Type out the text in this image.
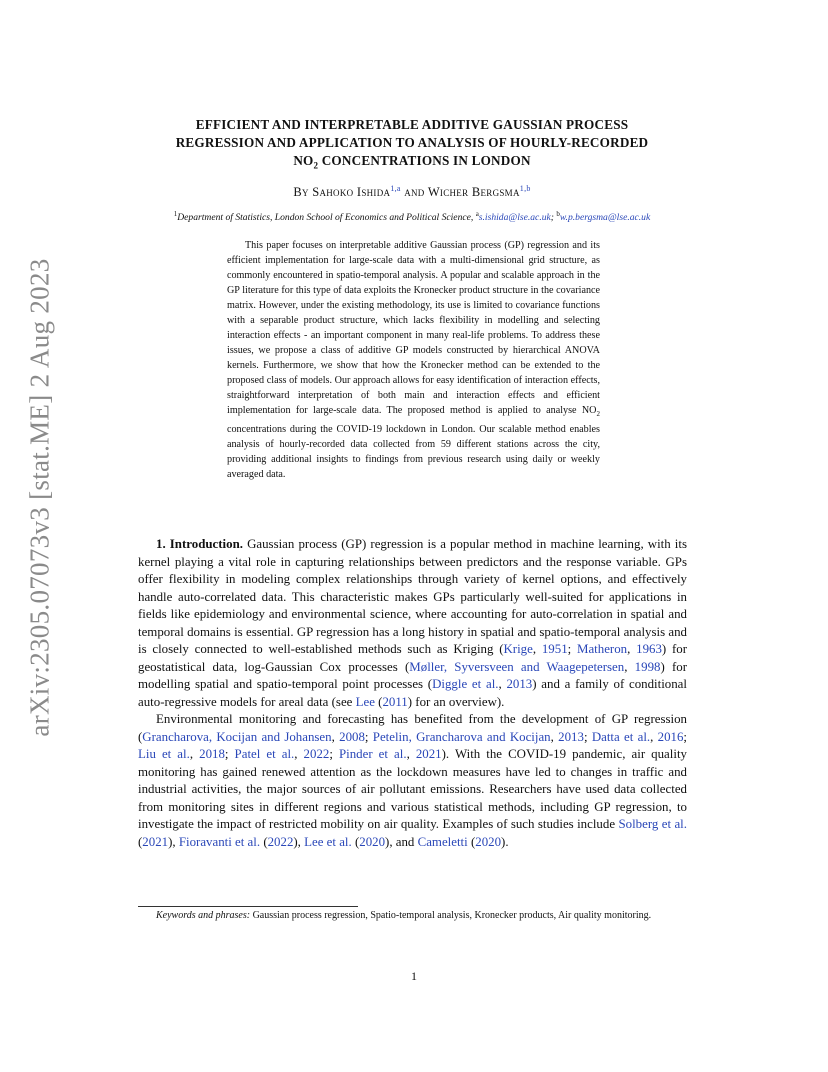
arXiv:2305.07073v3 [stat.ME] 2 Aug 2023
EFFICIENT AND INTERPRETABLE ADDITIVE GAUSSIAN PROCESS
REGRESSION AND APPLICATION TO ANALYSIS OF HOURLY-RECORDED
$NO_2$ CONCENTRATIONS IN LONDON
By Sahoko Ishida$^{1,a}$ and Wicher Bergsma$^{1,b}$
$^1$Department of Statistics, London School of Economics and Political Science, $^a$s.ishida@lse.ac.uk; $^b$w.p.bergsma@lse.ac.uk
This paper focuses on interpretable additive Gaussian process (GP) regression and its efficient implementation for large-scale data with a multi-dimensional grid structure, as commonly encountered in spatio-temporal analysis. A popular and scalable approach in the GP literature for this type of data exploits the Kronecker product structure in the covariance matrix. However, under the existing methodology, its use is limited to covariance functions with a separable product structure, which lacks flexibility in modelling and selecting interaction effects - an important component in many real-life problems. To address these issues, we propose a class of additive GP models constructed by hierarchical ANOVA kernels. Furthermore, we show that how the Kronecker method can be extended to the proposed class of models. Our approach allows for easy identification of interaction effects, straightforward interpretation of both main and interaction effects and efficient implementation for large-scale data. The proposed method is applied to analyse $NO_2$ concentrations during the COVID-19 lockdown in London. Our scalable method enables analysis of hourly-recorded data collected from 59 different stations across the city, providing additional insights to findings from previous research using daily or weekly averaged data.

1. Introduction. Gaussian process (GP) regression is a popular method in machine learning, with its kernel playing a vital role in capturing relationships between predictors and the response variable. GPs offer flexibility in modeling complex relationships through variety of kernel options, and effectively handle auto-correlated data. This characteristic makes GPs particularly well-suited for applications in fields like epidemiology and environmental science, where accounting for auto-correlation in spatial and temporal domains is essential. GP regression has a long history in spatial and spatio-temporal analysis and is closely connected to well-established methods such as Kriging (Krige, 1951; Matheron, 1963) for geostatistical data, log-Gaussian Cox processes (Møller, Syversveen and Waagepetersen, 1998) for modelling spatial and spatio-temporal point processes (Diggle et al., 2013) and a family of conditional auto-regressive models for areal data (see Lee (2011) for an overview).

Environmental monitoring and forecasting has benefited from the development of GP regression (Grancharova, Kocijan and Johansen, 2008; Petelin, Grancharova and Kocijan, 2013; Datta et al., 2016; Liu et al., 2018; Patel et al., 2022; Pinder et al., 2021). With the COVID-19 pandemic, air quality monitoring has gained renewed attention as the lockdown measures have led to changes in traffic and industrial activities, the major sources of air pollutant emissions. Researchers have used data collected from monitoring sites in different regions and various statistical methods, including GP regression, to investigate the impact of restricted mobility on air quality. Examples of such studies include Solberg et al. (2021), Fioravanti et al. (2022), Lee et al. (2020), and Cameletti (2020).

Keywords and phrases: Gaussian process regression, Spatio-temporal analysis, Kronecker products, Air quality monitoring.
1
